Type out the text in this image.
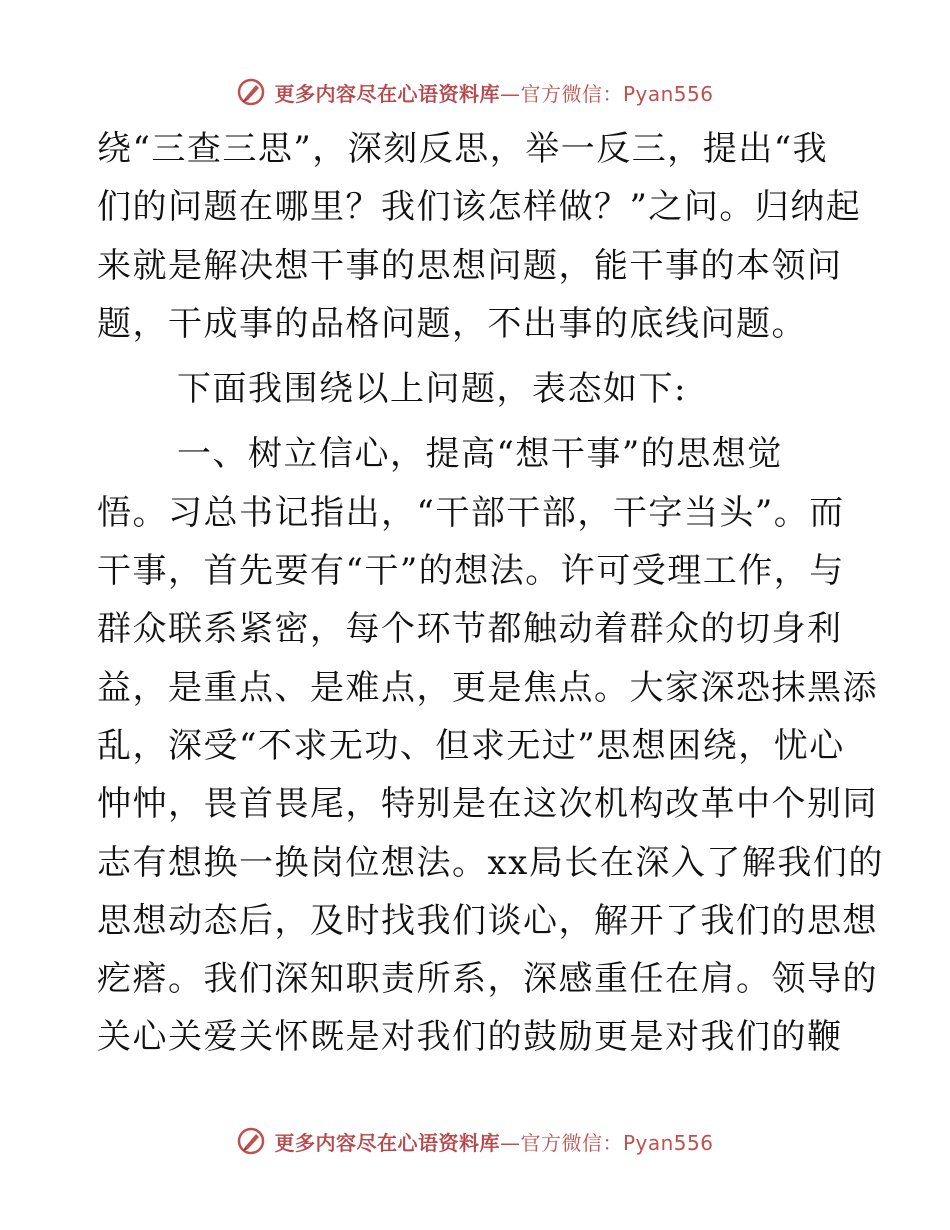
更多内容尽在心语资料库—官方微信：Pyan556
绕“三查三思”，深刻反思，举一反三，提出“我
们的问题在哪里？我们该怎样做？”之问。归纳起
来就是解决想干事的思想问题，能干事的本领问
题，干成事的品格问题，不出事的底线问题。
下面我围绕以上问题，表态如下:
一、树立信心，提高“想干事”的思想觉
悟。习总书记指出，“干部干部，干字当头”。而
干事，首先要有“干”的想法。许可受理工作，与
群众联系紧密，每个环节都触动着群众的切身利
益，是重点、是难点，更是焦点。大家深恐抹黑添
乱，深受“不求无功、但求无过”思想困绕，忧心
忡忡，畏首畏尾，特别是在这次机构改革中个别同
志有想换一换岗位想法。xx局长在深入了解我们的
思想动态后，及时找我们谈心，解开了我们的思想
疙瘩。我们深知职责所系，深感重任在肩。领导的
关心关爱关怀既是对我们的鼓励更是对我们的鞭
更多内容尽在心语资料库—官方微信：Pyan556
